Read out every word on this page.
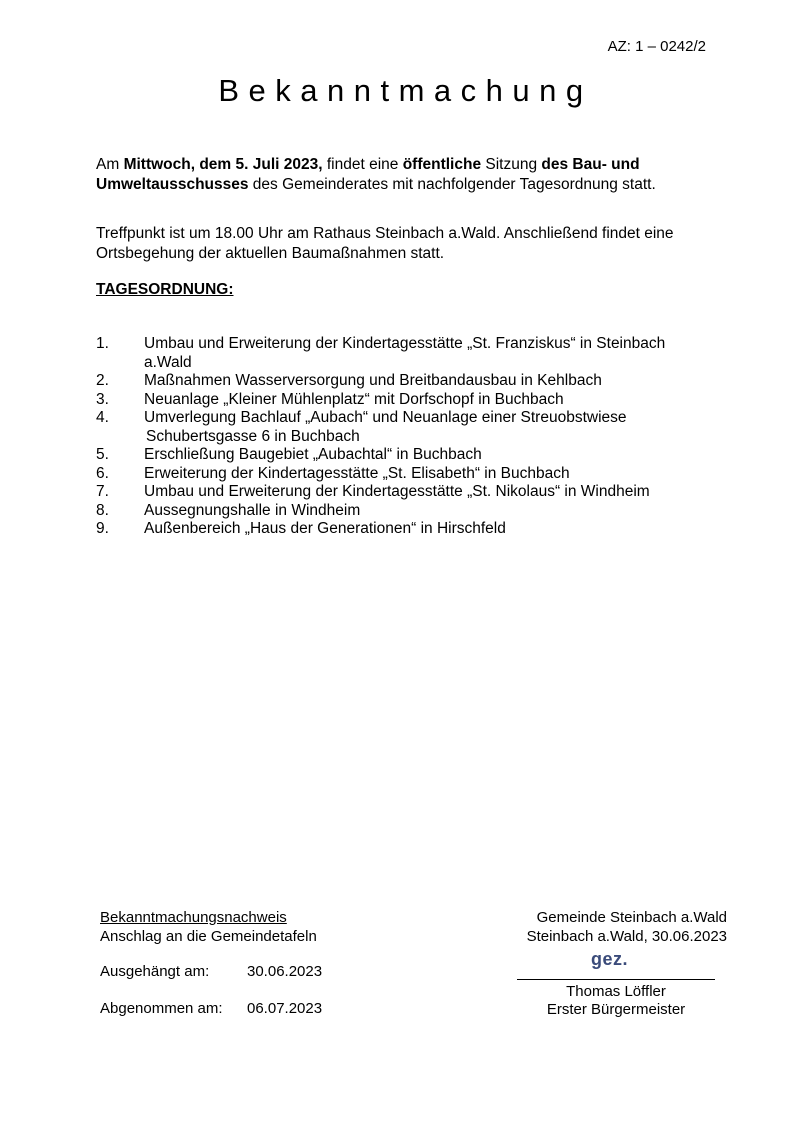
AZ: 1 – 0242/2
Bekanntmachung
Am Mittwoch, dem 5. Juli 2023, findet eine öffentliche Sitzung des Bau- und Umweltausschusses des Gemeinderates mit nachfolgender Tagesordnung statt.
Treffpunkt ist um 18.00 Uhr am Rathaus Steinbach a.Wald. Anschließend findet eine Ortsbegehung der aktuellen Baumaßnahmen statt.
TAGESORDNUNG:
1. Umbau und Erweiterung der Kindertagesstätte „St. Franziskus“ in Steinbach
a.Wald
2. Maßnahmen Wasserversorgung und Breitbandausbau in Kehlbach
3. Neuanlage „Kleiner Mühlenplatz“ mit Dorfschopf in Buchbach
4. Umverlegung Bachlauf „Aubach“ und Neuanlage einer Streuobstwiese
Schubertsgasse 6 in Buchbach
5. Erschließung Baugebiet „Aubachtal“ in Buchbach
6. Erweiterung der Kindertagesstätte „St. Elisabeth“ in Buchbach
7. Umbau und Erweiterung der Kindertagesstätte „St. Nikolaus“ in Windheim
8. Aussegnungshalle in Windheim
9. Außenbereich „Haus der Generationen“ in Hirschfeld
Bekanntmachungsnachweis
Anschlag an die Gemeindetafeln
Ausgehängt am:	30.06.2023
Abgenommen am: 06.07.2023
Gemeinde Steinbach a.Wald
Steinbach a.Wald, 30.06.2023
gez.
Thomas Löffler
Erster Bürgermeister
